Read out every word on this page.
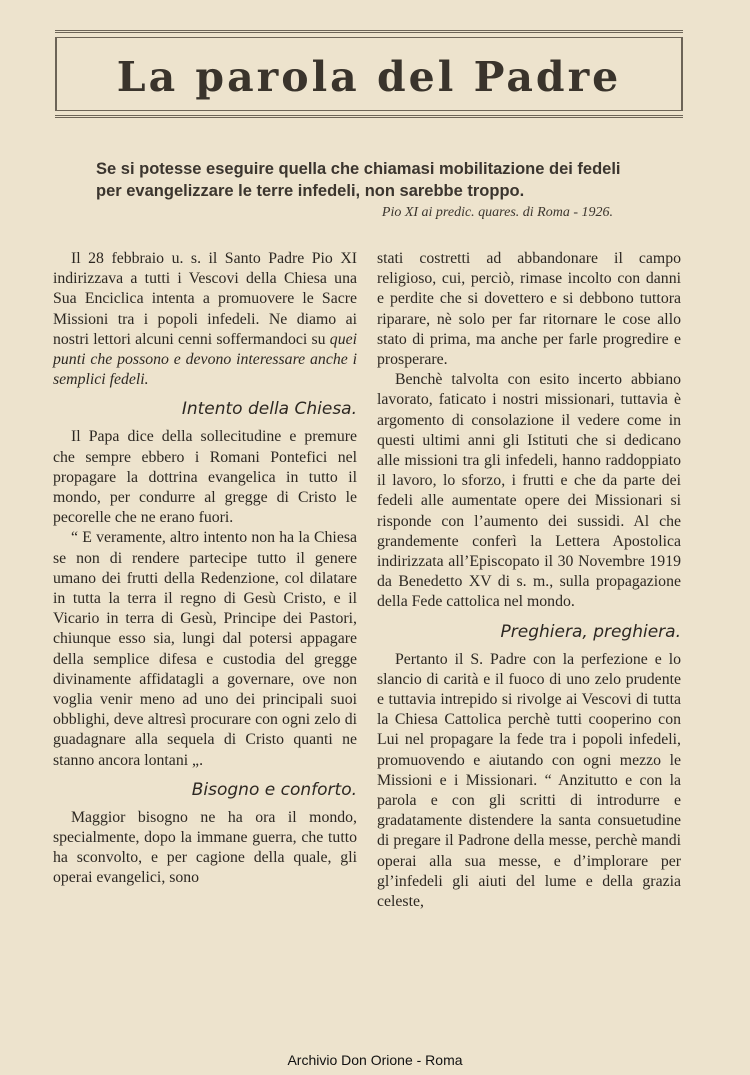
La parola del Padre
Se si potesse eseguire quella che chiamasi mobilitazione dei fedeli per evangelizzare le terre infedeli, non sarebbe troppo.
Pio XI ai predic. quares. di Roma - 1926.

Il 28 febbraio u. s. il Santo Padre Pio XI indirizzava a tutti i Vescovi della Chiesa una Sua Enciclica intenta a promuovere le Sacre Missioni tra i popoli infedeli. Ne diamo ai nostri lettori alcuni cenni soffermandoci su quei punti che possono e devono interessare anche i semplici fedeli.

Intento della Chiesa.

Il Papa dice della sollecitudine e premure che sempre ebbero i Romani Pontefici nel propagare la dottrina evangelica in tutto il mondo, per condurre al gregge di Cristo le pecorelle che ne erano fuori.

“ E veramente, altro intento non ha la Chiesa se non di rendere partecipe tutto il genere umano dei frutti della Redenzione, col dilatare in tutta la terra il regno di Gesù Cristo, e il Vicario in terra di Gesù, Principe dei Pastori, chiunque esso sia, lungi dal potersi appagare della semplice difesa e custodia del gregge divinamente affidatagli a governare, ove non voglia venir meno ad uno dei principali suoi obblighi, deve altresì procurare con ogni zelo di guadagnare alla sequela di Cristo quanti ne stanno ancora lontani „.

Bisogno e conforto.

Maggior bisogno ne ha ora il mondo, specialmente, dopo la immane guerra, che tutto ha sconvolto, e per cagione della quale, gli operai evangelici, sono

stati costretti ad abbandonare il campo religioso, cui, perciò, rimase incolto con danni e perdite che si dovettero e si debbono tuttora riparare, nè solo per far ritornare le cose allo stato di prima, ma anche per farle progredire e prosperare.

Benchè talvolta con esito incerto abbiano lavorato, faticato i nostri missionari, tuttavia è argomento di consolazione il vedere come in questi ultimi anni gli Istituti che si dedicano alle missioni tra gli infedeli, hanno raddoppiato il lavoro, lo sforzo, i frutti e che da parte dei fedeli alle aumentate opere dei Missionari si risponde con l’aumento dei sussidi. Al che grandemente conferì la Lettera Apostolica indirizzata all’Episcopato il 30 Novembre 1919 da Benedetto XV di s. m., sulla propagazione della Fede cattolica nel mondo.

Preghiera, preghiera.

Pertanto il S. Padre con la perfezione e lo slancio di carità e il fuoco di uno zelo prudente e tuttavia intrepido si rivolge ai Vescovi di tutta la Chiesa Cattolica perchè tutti cooperino con Lui nel propagare la fede tra i popoli infedeli, promuovendo e aiutando con ogni mezzo le Missioni e i Missionari. “ Anzitutto e con la parola e con gli scritti di introdurre e gradatamente distendere la santa consuetudine di pregare il Padrone della messe, perchè mandi operai alla sua messe, e d’implorare per gl’infedeli gli aiuti del lume e della grazia celeste,

Archivio Don Orione - Roma
